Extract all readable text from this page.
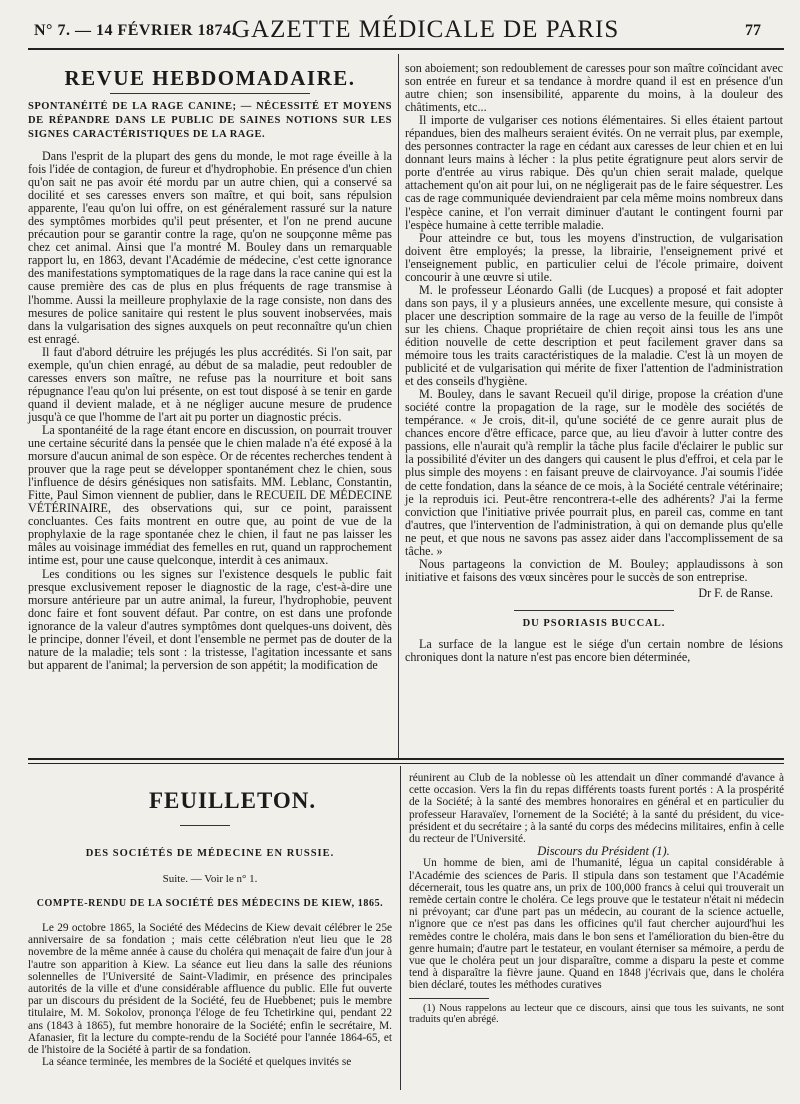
N° 7. — 14 FÉVRIER 1874.
GAZETTE MÉDICALE DE PARIS	77
REVUE HEBDOMADAIRE.
SPONTANÉITÉ DE LA RAGE CANINE; — NÉCESSITÉ ET MOYENS DE RÉPANDRE DANS LE PUBLIC DE SAINES NOTIONS SUR LES SIGNES CARACTÉRISTIQUES DE LA RAGE.

Dans l'esprit de la plupart des gens du monde, le mot rage éveille à la fois l'idée de contagion, de fureur et d'hydrophobie. En présence d'un chien qu'on sait ne pas avoir été mordu par un autre chien, qui a conservé sa docilité et ses caresses envers son maître, et qui boit, sans répulsion apparente, l'eau qu'on lui offre, on est généralement rassuré sur la nature des symptômes morbides qu'il peut présenter, et l'on ne prend aucune précaution pour se garantir contre la rage, qu'on ne soupçonne même pas chez cet animal. Ainsi que l'a montré M. Bouley dans un remarquable rapport lu, en 1863, devant l'Académie de médecine, c'est cette ignorance des manifestations symptomatiques de la rage dans la race canine qui est la cause première des cas de plus en plus fréquents de rage transmise à l'homme. Aussi la meilleure prophylaxie de la rage consiste, non dans des mesures de police sanitaire qui restent le plus souvent inobservées, mais dans la vulgarisation des signes auxquels on peut reconnaître qu'un chien est enragé.

Il faut d'abord détruire les préjugés les plus accrédités. Si l'on sait, par exemple, qu'un chien enragé, au début de sa maladie, peut redoubler de caresses envers son maître, ne refuse pas la nourriture et boit sans répugnance l'eau qu'on lui présente, on est tout disposé à se tenir en garde quand il devient malade, et à ne négliger aucune mesure de prudence jusqu'à ce que l'homme de l'art ait pu porter un diagnostic précis.

La spontanéité de la rage étant encore en discussion, on pourrait trouver une certaine sécurité dans la pensée que le chien malade n'a été exposé à la morsure d'aucun animal de son espèce. Or de récentes recherches tendent à prouver que la rage peut se développer spontanément chez le chien, sous l'influence de désirs génésiques non satisfaits. MM. Leblanc, Constantin, Fitte, Paul Simon viennent de publier, dans le RECUEIL DE MÉDECINE VÉTÉRINAIRE, des observations qui, sur ce point, paraissent concluantes. Ces faits montrent en outre que, au point de vue de la prophylaxie de la rage spontanée chez le chien, il faut ne pas laisser les mâles au voisinage immédiat des femelles en rut, quand un rapprochement intime est, pour une cause quelconque, interdit à ces animaux.

Les conditions ou les signes sur l'existence desquels le public fait presque exclusivement reposer le diagnostic de la rage, c'est-à-dire une morsure antérieure par un autre animal, la fureur, l'hydrophobie, peuvent donc faire et font souvent défaut. Par contre, on est dans une profonde ignorance de la valeur d'autres symptômes dont quelques-uns doivent, dès le principe, donner l'éveil, et dont l'ensemble ne permet pas de douter de la nature de la maladie; tels sont : la tristesse, l'agitation incessante et sans but apparent de l'animal; la perversion de son appétit; la modification de

son aboiement; son redoublement de caresses pour son maître coïncidant avec son entrée en fureur et sa tendance à mordre quand il est en présence d'un autre chien; son insensibilité, apparente du moins, à la douleur des châtiments, etc...

Il importe de vulgariser ces notions élémentaires. Si elles étaient partout répandues, bien des malheurs seraient évités. On ne verrait plus, par exemple, des personnes contracter la rage en cédant aux caresses de leur chien et en lui donnant leurs mains à lécher : la plus petite égratignure peut alors servir de porte d'entrée au virus rabique. Dès qu'un chien serait malade, quelque attachement qu'on ait pour lui, on ne négligerait pas de le faire séquestrer. Les cas de rage communiquée deviendraient par cela même moins nombreux dans l'espèce canine, et l'on verrait diminuer d'autant le contingent fourni par l'espèce humaine à cette terrible maladie.

Pour atteindre ce but, tous les moyens d'instruction, de vulgarisation doivent être employés; la presse, la librairie, l'enseignement privé et l'enseignement public, en particulier celui de l'école primaire, doivent concourir à une œuvre si utile.

M. le professeur Léonardo Galli (de Lucques) a proposé et fait adopter dans son pays, il y a plusieurs années, une excellente mesure, qui consiste à placer une description sommaire de la rage au verso de la feuille de l'impôt sur les chiens. Chaque propriétaire de chien reçoit ainsi tous les ans une édition nouvelle de cette description et peut facilement graver dans sa mémoire tous les traits caractéristiques de la maladie. C'est là un moyen de publicité et de vulgarisation qui mérite de fixer l'attention de l'administration et des conseils d'hygiène.

M. Bouley, dans le savant Recueil qu'il dirige, propose la création d'une société contre la propagation de la rage, sur le modèle des sociétés de tempérance. « Je crois, dit-il, qu'une société de ce genre aurait plus de chances encore d'être efficace, parce que, au lieu d'avoir à lutter contre des passions, elle n'aurait qu'à remplir la tâche plus facile d'éclairer le public sur la possibilité d'éviter un des dangers qui causent le plus d'effroi, et cela par le plus simple des moyens : en faisant preuve de clairvoyance. J'ai soumis l'idée de cette fondation, dans la séance de ce mois, à la Société centrale vétérinaire; je la reproduis ici. Peut-être rencontrera-t-elle des adhérents? J'ai la ferme conviction que l'initiative privée pourrait plus, en pareil cas, comme en tant d'autres, que l'intervention de l'administration, à qui on demande plus qu'elle ne peut, et que nous ne savons pas assez aider dans l'accomplissement de sa tâche. »

Nous partageons la conviction de M. Bouley; applaudissons à son initiative et faisons des vœux sincères pour le succès de son entreprise.

Dr F. de Ranse.
DU PSORIASIS BUCCAL.

La surface de la langue est le siége d'un certain nombre de lésions chroniques dont la nature n'est pas encore bien déterminée,

FEUILLETON.
DES SOCIÉTÉS DE MÉDECINE EN RUSSIE.
Suite. — Voir le n° 1.
COMPTE-RENDU DE LA SOCIÉTÉ DES MÉDECINS DE KIEW, 1865.

Le 29 octobre 1865, la Société des Médecins de Kiew devait célébrer le 25e anniversaire de sa fondation ; mais cette célébration n'eut lieu que le 28 novembre de la même année à cause du choléra qui menaçait de faire d'un jour à l'autre son apparition à Kiew. La séance eut lieu dans la salle des réunions solennelles de l'Université de Saint-Vladimir, en présence des principales autorités de la ville et d'une considérable affluence du public. Elle fut ouverte par un discours du président de la Société, feu de Huebbenet; puis le membre titulaire, M. M. Sokolov, prononça l'éloge de feu Tchetirkine qui, pendant 22 ans (1843 à 1865), fut membre honoraire de la Société; enfin le secrétaire, M. Afanasier, fit la lecture du compte-rendu de la Société pour l'année 1864-65, et de l'histoire de la Société à partir de sa fondation.

La séance terminée, les membres de la Société et quelques invités se

réunirent au Club de la noblesse où les attendait un dîner commandé d'avance à cette occasion. Vers la fin du repas différents toasts furent portés : A la prospérité de la Société; à la santé des membres honoraires en général et en particulier du professeur Haravaïev, l'ornement de la Société; à la santé du président, du vice-président et du secrétaire ; à la santé du corps des médecins militaires, enfin à celle du recteur de l'Université.

Discours du Président (1).

Un homme de bien, ami de l'humanité, légua un capital considérable à l'Académie des sciences de Paris. Il stipula dans son testament que l'Académie décernerait, tous les quatre ans, un prix de 100,000 francs à celui qui trouverait un remède certain contre le choléra. Ce legs prouve que le testateur n'était ni médecin ni prévoyant; car d'une part pas un médecin, au courant de la science actuelle, n'ignore que ce n'est pas dans les officines qu'il faut chercher aujourd'hui les remèdes contre le choléra, mais dans le bon sens et l'amélioration du bien-être du genre humain; d'autre part le testateur, en voulant éterniser sa mémoire, a perdu de vue que le choléra peut un jour disparaître, comme a disparu la peste et comme tend à disparaître la fièvre jaune. Quand en 1848 j'écrivais que, dans le choléra bien déclaré, toutes les méthodes curatives

(1) Nous rappelons au lecteur que ce discours, ainsi que tous les suivants, ne sont traduits qu'en abrégé.
